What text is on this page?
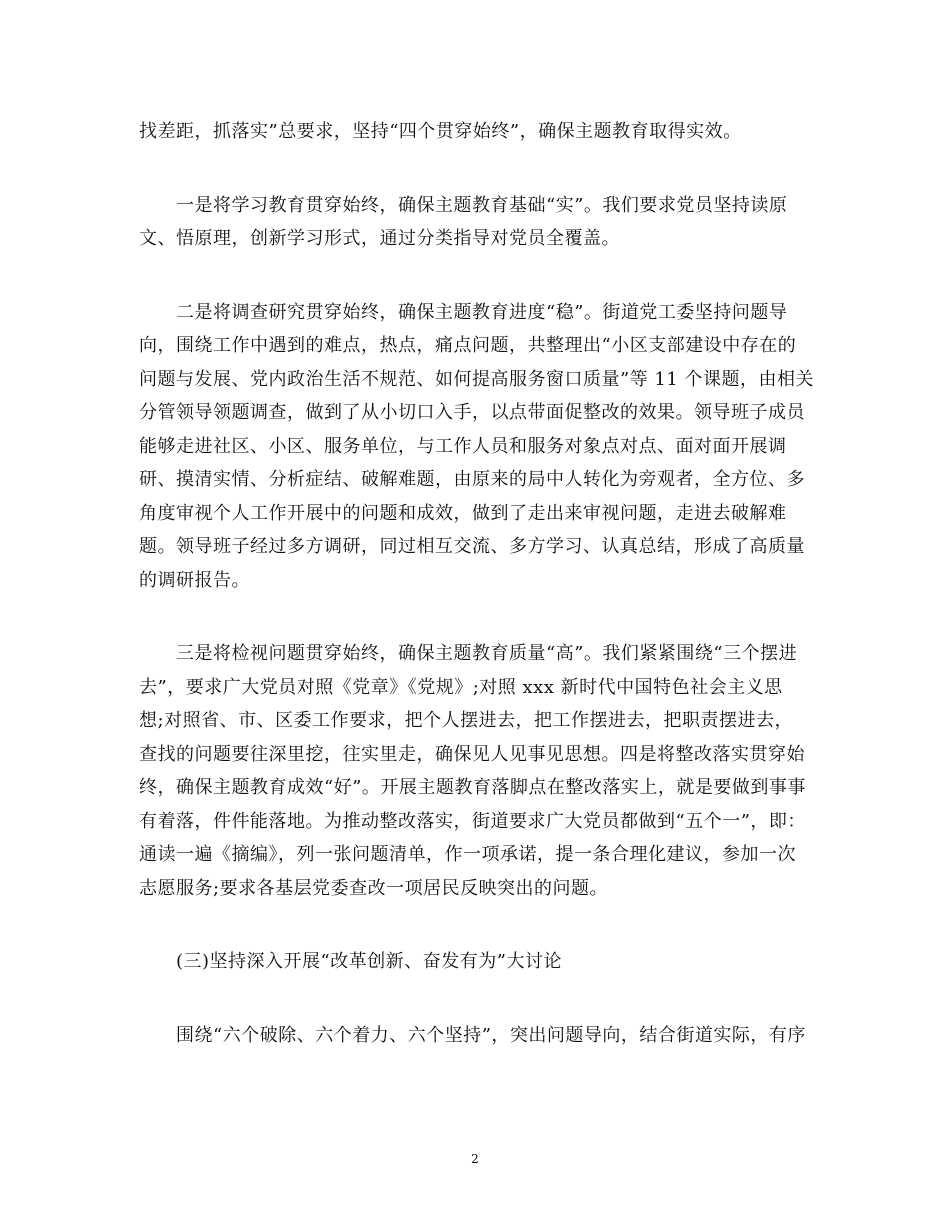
找差距，抓落实”总要求，坚持“四个贯穿始终”，确保主题教育取得实效。

　　一是将学习教育贯穿始终，确保主题教育基础“实”。我们要求党员坚持读原
文、悟原理，创新学习形式，通过分类指导对党员全覆盖。

　　二是将调查研究贯穿始终，确保主题教育进度“稳”。街道党工委坚持问题导
向，围绕工作中遇到的难点，热点，痛点问题，共整理出“小区支部建设中存在的
问题与发展、党内政治生活不规范、如何提高服务窗口质量”等 11 个课题，由相关
分管领导领题调查，做到了从小切口入手，以点带面促整改的效果。领导班子成员
能够走进社区、小区、服务单位，与工作人员和服务对象点对点、面对面开展调
研、摸清实情、分析症结、破解难题，由原来的局中人转化为旁观者，全方位、多
角度审视个人工作开展中的问题和成效，做到了走出来审视问题，走进去破解难
题。领导班子经过多方调研，同过相互交流、多方学习、认真总结，形成了高质量
的调研报告。

　　三是将检视问题贯穿始终，确保主题教育质量“高”。我们紧紧围绕“三个摆进
去”，要求广大党员对照《党章》《党规》;对照 xxx 新时代中国特色社会主义思
想;对照省、市、区委工作要求，把个人摆进去，把工作摆进去，把职责摆进去，
查找的问题要往深里挖，往实里走，确保见人见事见思想。四是将整改落实贯穿始
终，确保主题教育成效“好”。开展主题教育落脚点在整改落实上，就是要做到事事
有着落，件件能落地。为推动整改落实，街道要求广大党员都做到“五个一”，即：
通读一遍《摘编》，列一张问题清单，作一项承诺，提一条合理化建议，参加一次
志愿服务;要求各基层党委查改一项居民反映突出的问题。

　　(三)坚持深入开展“改革创新、奋发有为”大讨论

　　围绕“六个破除、六个着力、六个坚持”，突出问题导向，结合街道实际，有序

2
